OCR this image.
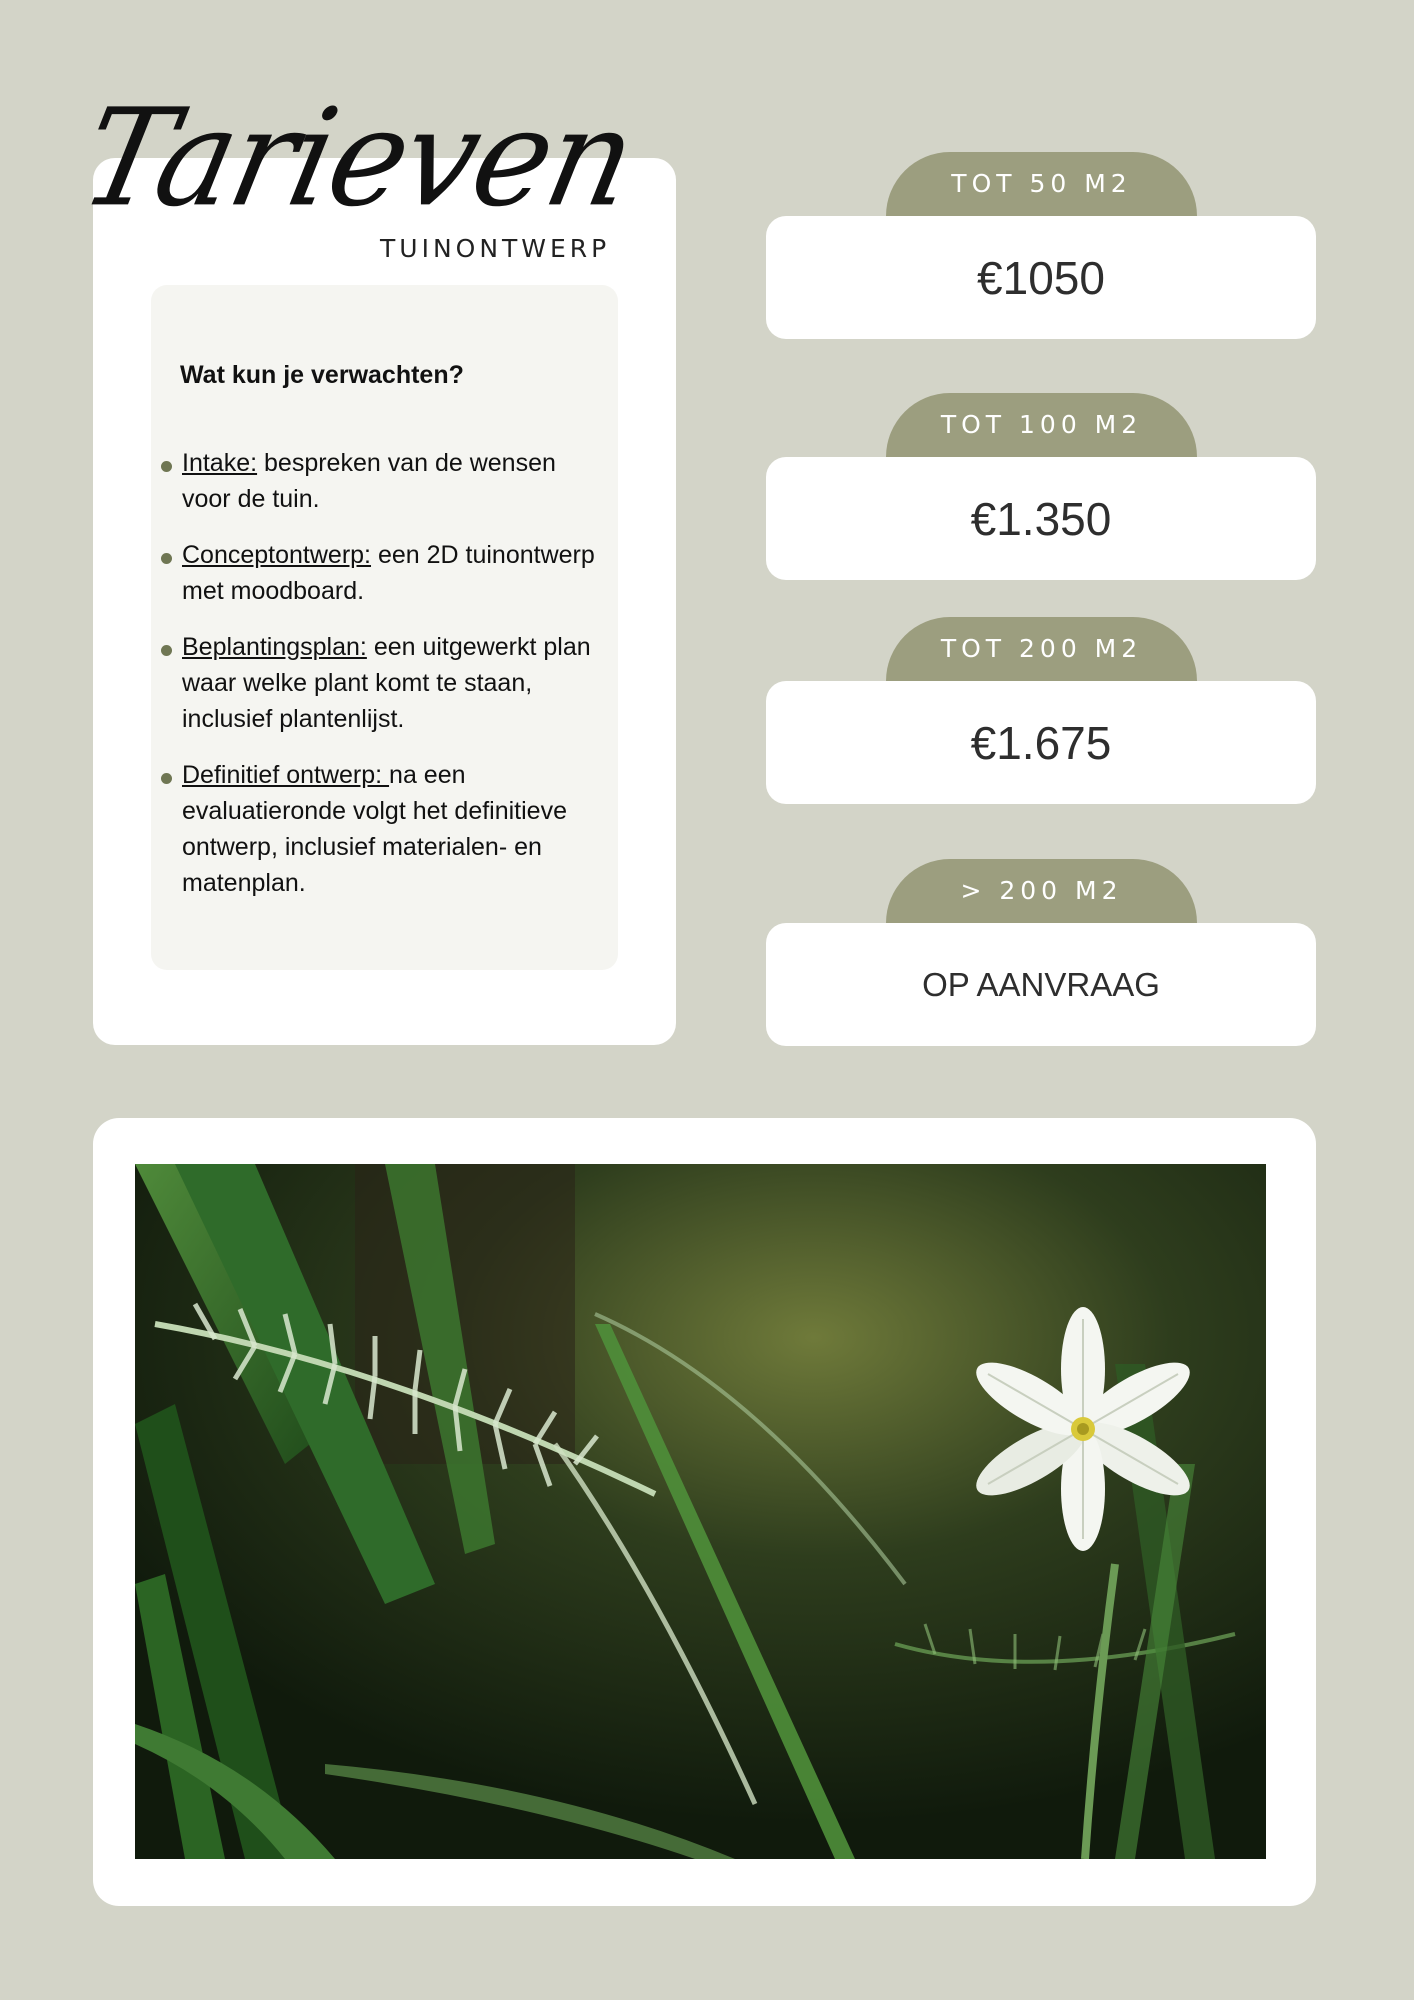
Tarieven
TUINONTWERP
Wat kun je verwachten?
Intake: bespreken van de wensen voor de tuin.
Conceptontwerp: een 2D tuinontwerp met moodboard.
Beplantingsplan: een uitgewerkt plan waar welke plant komt te staan, inclusief plantenlijst.
Definitief ontwerp: na een evaluatieronde volgt het definitieve ontwerp, inclusief materialen- en matenplan.
TOT 50 M2
€1050
TOT 100 M2
€1.350
TOT 200 M2
€1.675
> 200 M2
OP AANVRAAG
